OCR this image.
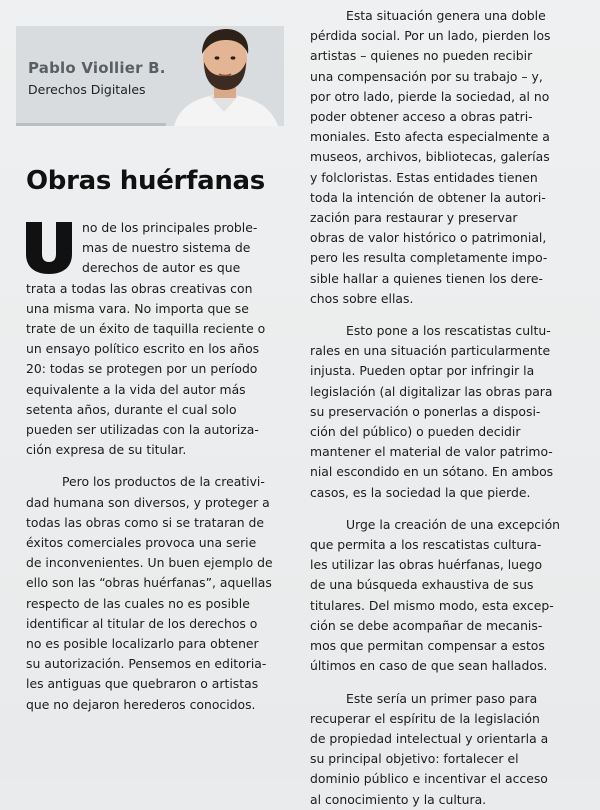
Pablo Viollier B.
Derechos Digitales
Obras huérfanas

no de los principales proble-

mas de nuestro sistema de

derechos de autor es que

trata a todas las obras creativas con

una misma vara. No importa que se

trate de un éxito de taquilla reciente o

un ensayo político escrito en los años

20: todas se protegen por un período

equivalente a la vida del autor más

setenta años, durante el cual solo

pueden ser utilizadas con la autoriza-

ción expresa de su titular.

Pero los productos de la creativi-

dad humana son diversos, y proteger a

todas las obras como si se trataran de

éxitos comerciales provoca una serie

de inconvenientes. Un buen ejemplo de

ello son las “obras huérfanas”, aquellas

respecto de las cuales no es posible

identificar al titular de los derechos o

no es posible localizarlo para obtener

su autorización. Pensemos en editoria-

les antiguas que quebraron o artistas

que no dejaron herederos conocidos.

Esta situación genera una doble

pérdida social. Por un lado, pierden los

artistas – quienes no pueden recibir

una compensación por su trabajo – y,

por otro lado, pierde la sociedad, al no

poder obtener acceso a obras patri-

moniales. Esto afecta especialmente a

museos, archivos, bibliotecas, galerías

y folcloristas. Estas entidades tienen

toda la intención de obtener la autori-

zación para restaurar y preservar

obras de valor histórico o patrimonial,

pero les resulta completamente impo-

sible hallar a quienes tienen los dere-

chos sobre ellas.

Esto pone a los rescatistas cultu-

rales en una situación particularmente

injusta. Pueden optar por infringir la

legislación (al digitalizar las obras para

su preservación o ponerlas a disposi-

ción del público) o pueden decidir

mantener el material de valor patrimo-

nial escondido en un sótano. En ambos

casos, es la sociedad la que pierde.

Urge la creación de una excepción

que permita a los rescatistas cultura-

les utilizar las obras huérfanas, luego

de una búsqueda exhaustiva de sus

titulares. Del mismo modo, esta excep-

ción se debe acompañar de mecanis-

mos que permitan compensar a estos

últimos en caso de que sean hallados.

Este sería un primer paso para

recuperar el espíritu de la legislación

de propiedad intelectual y orientarla a

su principal objetivo: fortalecer el

dominio público e incentivar el acceso

al conocimiento y la cultura.
